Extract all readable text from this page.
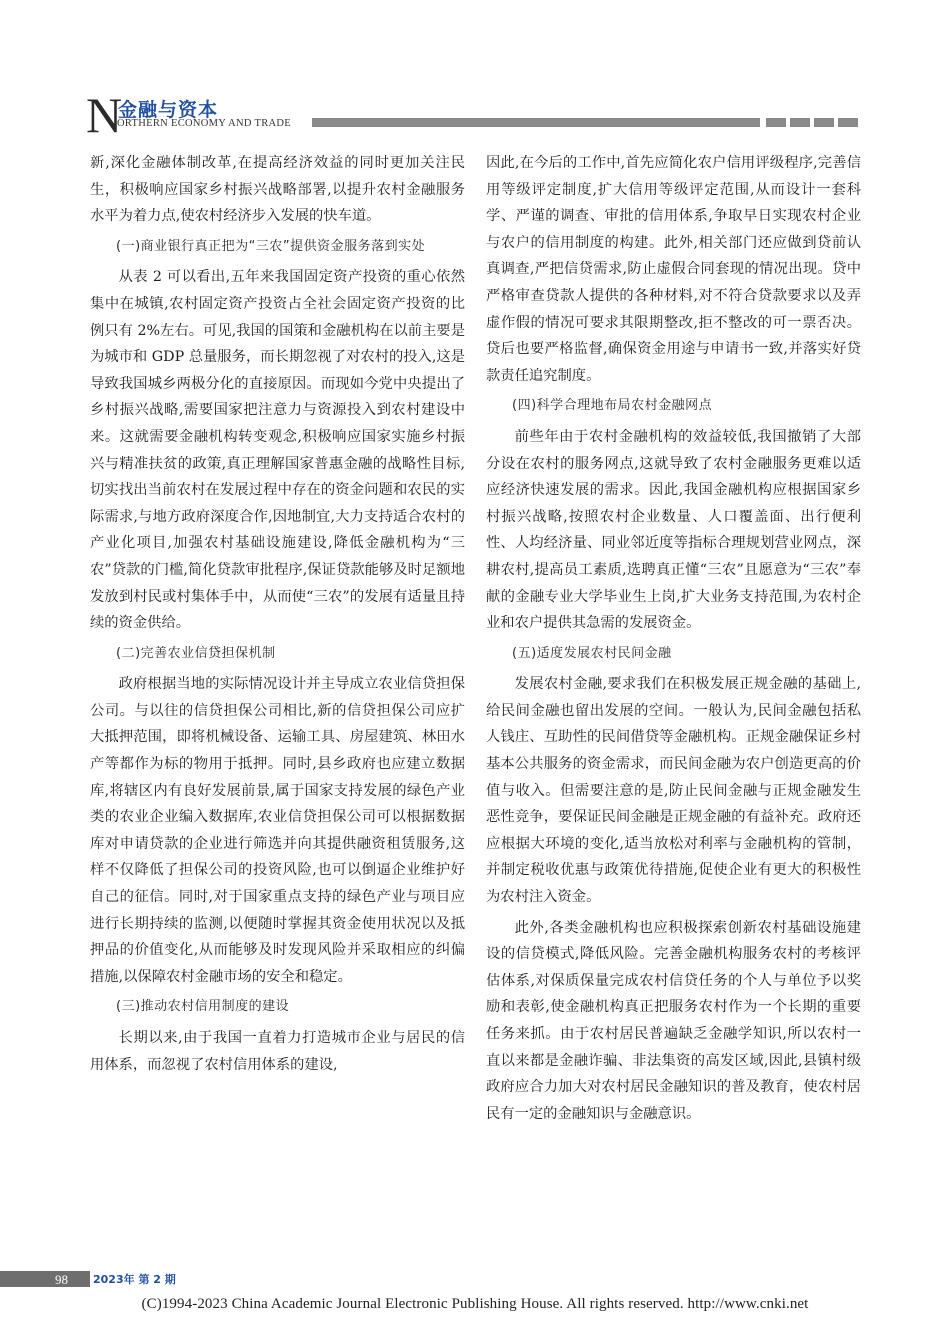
N
金融与资本
ORTHERN ECONOMY AND TRADE

新,深化金融体制改革,在提高经济效益的同时更加关注民生，积极响应国家乡村振兴战略部署,以提升农村金融服务水平为着力点,使农村经济步入发展的快车道。

(一)商业银行真正把为“三农”提供资金服务落到实处

从表 2 可以看出,五年来我国固定资产投资的重心依然集中在城镇,农村固定资产投资占全社会固定资产投资的比例只有 2%左右。可见,我国的国策和金融机构在以前主要是为城市和 GDP 总量服务，而长期忽视了对农村的投入,这是导致我国城乡两极分化的直接原因。而现如今党中央提出了乡村振兴战略,需要国家把注意力与资源投入到农村建设中来。这就需要金融机构转变观念,积极响应国家实施乡村振兴与精准扶贫的政策,真正理解国家普惠金融的战略性目标,切实找出当前农村在发展过程中存在的资金问题和农民的实际需求,与地方政府深度合作,因地制宜,大力支持适合农村的产业化项目,加强农村基础设施建设,降低金融机构为“三农”贷款的门槛,简化贷款审批程序,保证贷款能够及时足额地发放到村民或村集体手中，从而使“三农”的发展有适量且持续的资金供给。

(二)完善农业信贷担保机制

政府根据当地的实际情况设计并主导成立农业信贷担保公司。与以往的信贷担保公司相比,新的信贷担保公司应扩大抵押范围，即将机械设备、运输工具、房屋建筑、林田水产等都作为标的物用于抵押。同时,县乡政府也应建立数据库,将辖区内有良好发展前景,属于国家支持发展的绿色产业类的农业企业编入数据库,农业信贷担保公司可以根据数据库对申请贷款的企业进行筛选并向其提供融资租赁服务,这样不仅降低了担保公司的投资风险,也可以倒逼企业维护好自己的征信。同时,对于国家重点支持的绿色产业与项目应进行长期持续的监测,以便随时掌握其资金使用状况以及抵押品的价值变化,从而能够及时发现风险并采取相应的纠偏措施,以保障农村金融市场的安全和稳定。

(三)推动农村信用制度的建设

长期以来,由于我国一直着力打造城市企业与居民的信用体系，而忽视了农村信用体系的建设,

因此,在今后的工作中,首先应简化农户信用评级程序,完善信用等级评定制度,扩大信用等级评定范围,从而设计一套科学、严谨的调查、审批的信用体系,争取早日实现农村企业与农户的信用制度的构建。此外,相关部门还应做到贷前认真调查,严把信贷需求,防止虚假合同套现的情况出现。贷中严格审查贷款人提供的各种材料,对不符合贷款要求以及弄虚作假的情况可要求其限期整改,拒不整改的可一票否决。贷后也要严格监督,确保资金用途与申请书一致,并落实好贷款责任追究制度。

(四)科学合理地布局农村金融网点

前些年由于农村金融机构的效益较低,我国撤销了大部分设在农村的服务网点,这就导致了农村金融服务更难以适应经济快速发展的需求。因此,我国金融机构应根据国家乡村振兴战略,按照农村企业数量、人口覆盖面、出行便利性、人均经济量、同业邻近度等指标合理规划营业网点，深耕农村,提高员工素质,选聘真正懂“三农”且愿意为“三农”奉献的金融专业大学毕业生上岗,扩大业务支持范围,为农村企业和农户提供其急需的发展资金。

(五)适度发展农村民间金融

发展农村金融,要求我们在积极发展正规金融的基础上,给民间金融也留出发展的空间。一般认为,民间金融包括私人钱庄、互助性的民间借贷等金融机构。正规金融保证乡村基本公共服务的资金需求，而民间金融为农户创造更高的价值与收入。但需要注意的是,防止民间金融与正规金融发生恶性竞争，要保证民间金融是正规金融的有益补充。政府还应根据大环境的变化,适当放松对利率与金融机构的管制，并制定税收优惠与政策优待措施,促使企业有更大的积极性为农村注入资金。

此外,各类金融机构也应积极探索创新农村基础设施建设的信贷模式,降低风险。完善金融机构服务农村的考核评估体系,对保质保量完成农村信贷任务的个人与单位予以奖励和表彰,使金融机构真正把服务农村作为一个长期的重要任务来抓。由于农村居民普遍缺乏金融学知识,所以农村一直以来都是金融诈骗、非法集资的高发区域,因此,县镇村级政府应合力加大对农村居民金融知识的普及教育，使农村居民有一定的金融知识与金融意识。

98	2023年 第 2 期
(C)1994-2023 China Academic Journal Electronic Publishing House. All rights reserved. http://www.cnki.net
